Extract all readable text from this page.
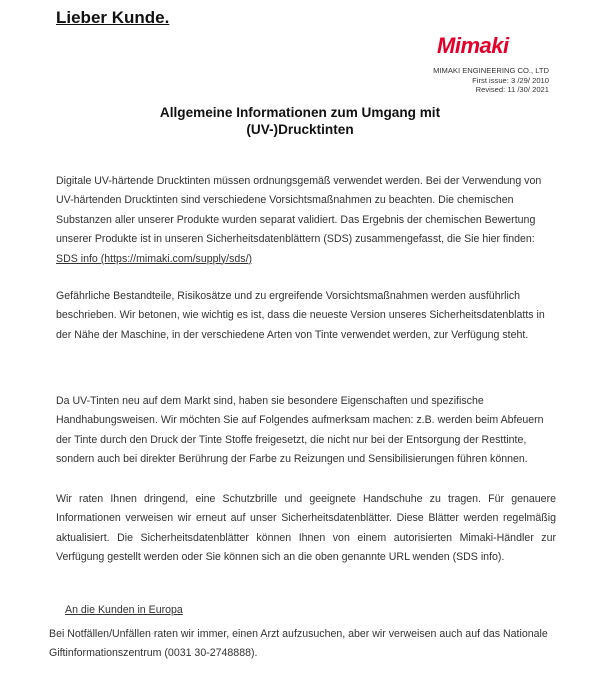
Lieber Kunde.

Mimaki
MIMAKI ENGINEERING CO., LTD
First issue: 3 /29/ 2010
Revised: 11 /30/ 2021
Allgemeine Informationen zum Umgang mit
(UV-)Drucktinten
Digitale UV-härtende Drucktinten müssen ordnungsgemäß verwendet werden. Bei der Verwendung von UV-härtenden Drucktinten sind verschiedene Vorsichtsmaßnahmen zu beachten. Die chemischen Substanzen aller unserer Produkte wurden separat validiert. Das Ergebnis der chemischen Bewertung unserer Produkte ist in unseren Sicherheitsdatenblättern (SDS) zusammengefasst, die Sie hier finden:
SDS info (https://mimaki.com/supply/sds/)
Gefährliche Bestandteile, Risikosätze und zu ergreifende Vorsichtsmaßnahmen werden ausführlich beschrieben. Wir betonen, wie wichtig es ist, dass die neueste Version unseres Sicherheitsdatenblatts in der Nähe der Maschine, in der verschiedene Arten von Tinte verwendet werden, zur Verfügung steht.
Da UV-Tinten neu auf dem Markt sind, haben sie besondere Eigenschaften und spezifische Handhabungsweisen. Wir möchten Sie auf Folgendes aufmerksam machen: z.B. werden beim Abfeuern der Tinte durch den Druck der Tinte Stoffe freigesetzt, die nicht nur bei der Entsorgung der Resttinte, sondern auch bei direkter Berührung der Farbe zu Reizungen und Sensibilisierungen führen können.
Wir raten Ihnen dringend, eine Schutzbrille und geeignete Handschuhe zu tragen. Für genauere Informationen verweisen wir erneut auf unser Sicherheitsdatenblätter. Diese Blätter werden regelmäßig aktualisiert. Die Sicherheitsdatenblätter können Ihnen von einem autorisierten Mimaki-Händler zur Verfügung gestellt werden oder Sie können sich an die oben genannte URL wenden (SDS info).
An die Kunden in Europa
Bei Notfällen/Unfällen raten wir immer, einen Arzt aufzusuchen, aber wir verweisen auch auf das Nationale Giftinformationszentrum (0031 30-2748888).
